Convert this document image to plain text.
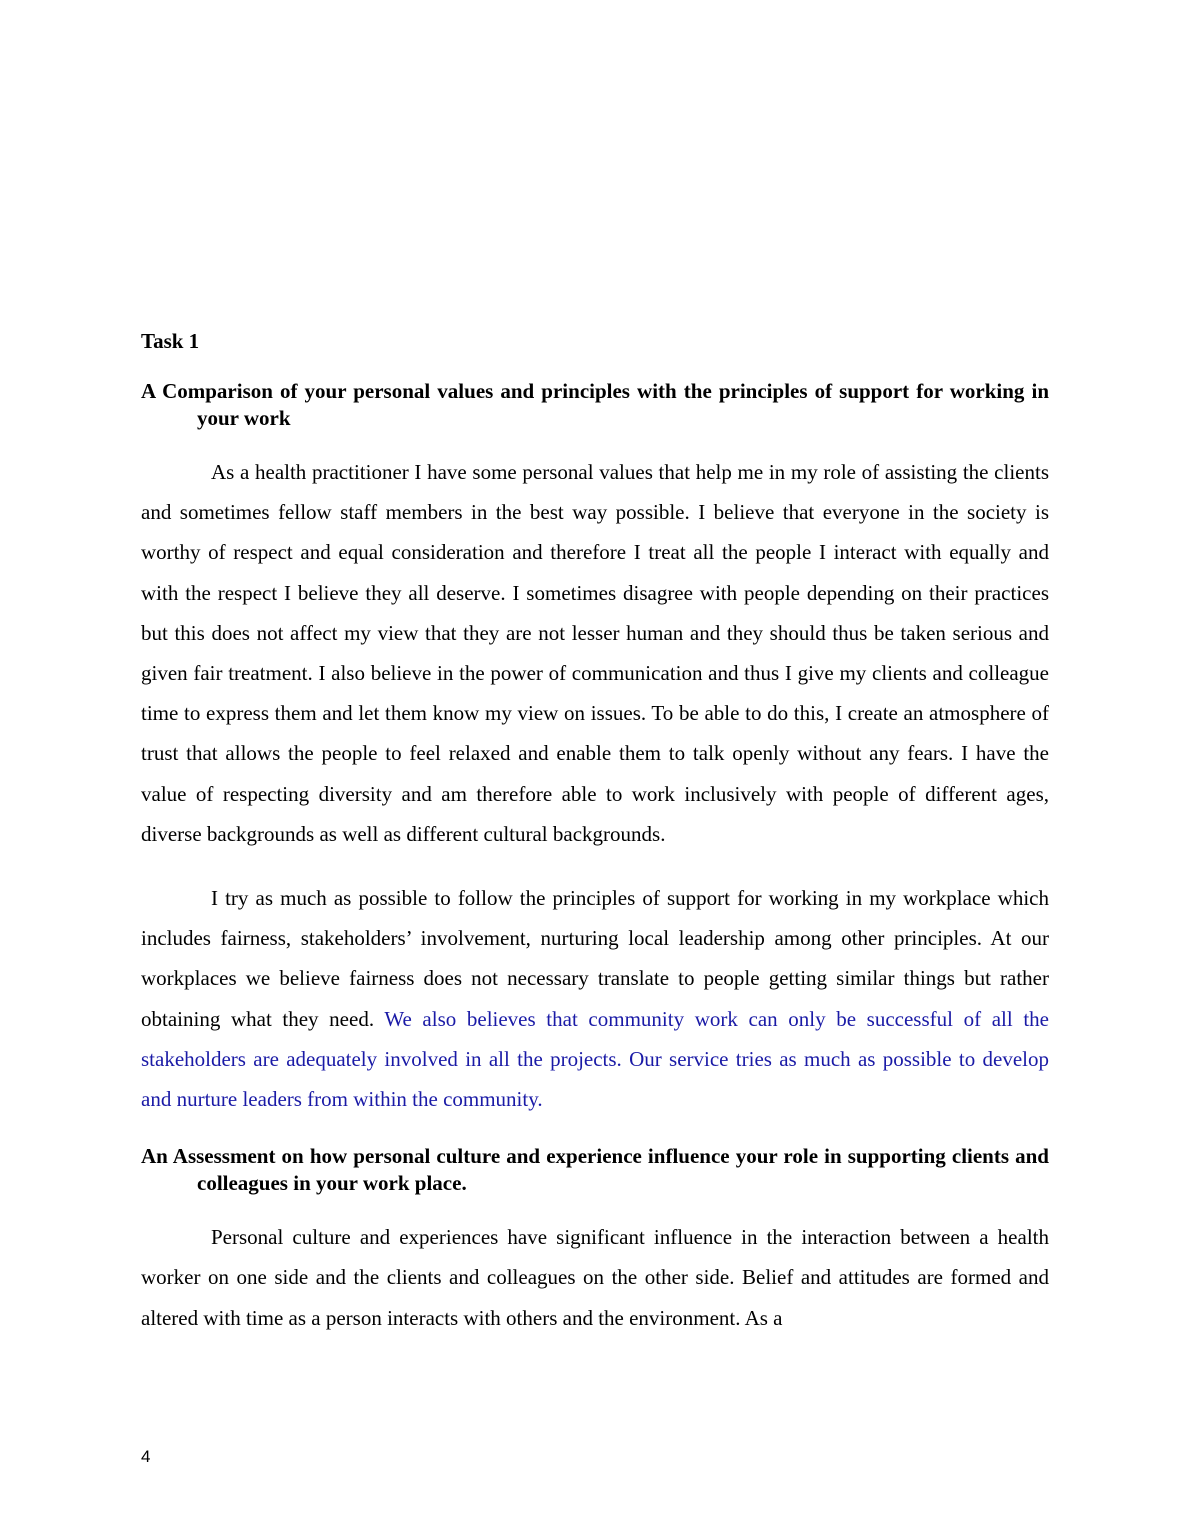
Task 1
A Comparison of your personal values and principles with the principles of support for working in your work

As a health practitioner I have some personal values that help me in my role of assisting the clients and sometimes fellow staff members in the best way possible. I believe that everyone in the society is worthy of respect and equal consideration and therefore I treat all the people I interact with equally and with the respect I believe they all deserve. I sometimes disagree with people depending on their practices but this does not affect my view that they are not lesser human and they should thus be taken serious and given fair treatment. I also believe in the power of communication and thus I give my clients and colleague time to express them and let them know my view on issues. To be able to do this, I create an atmosphere of trust that allows the people to feel relaxed and enable them to talk openly without any fears. I have the value of respecting diversity and am therefore able to work inclusively with people of different ages, diverse backgrounds as well as different cultural backgrounds.

I try as much as possible to follow the principles of support for working in my workplace which includes fairness, stakeholders’ involvement, nurturing local leadership among other principles. At our workplaces we believe fairness does not necessary translate to people getting similar things but rather obtaining what they need. We also believes that community work can only be successful of all the stakeholders are adequately involved in all the projects. Our service tries as much as possible to develop and nurture leaders from within the community.

An Assessment on how personal culture and experience influence your role in supporting clients and colleagues in your work place.

Personal culture and experiences have significant influence in the interaction between a health worker on one side and the clients and colleagues on the other side. Belief and attitudes are formed and altered with time as a person interacts with others and the environment. As a

4
